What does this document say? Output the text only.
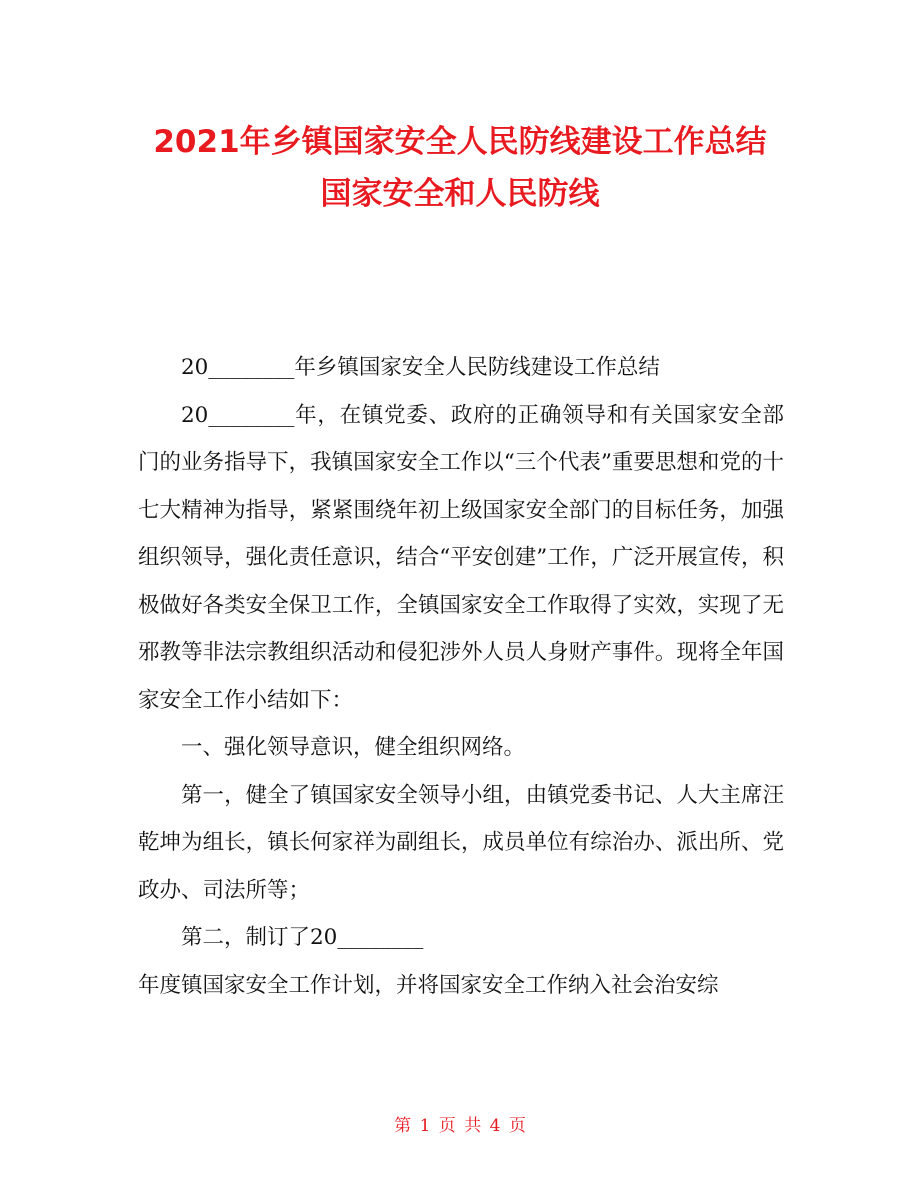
2021年乡镇国家安全人民防线建设工作总结
国家安全和人民防线

20________年乡镇国家安全人民防线建设工作总结

20________年，在镇党委、政府的正确领导和有关国家安全部门的业务指导下，我镇国家安全工作以“三个代表”重要思想和党的十七大精神为指导，紧紧围绕年初上级国家安全部门的目标任务，加强组织领导，强化责任意识，结合“平安创建”工作，广泛开展宣传，积极做好各类安全保卫工作，全镇国家安全工作取得了实效，实现了无邪教等非法宗教组织活动和侵犯涉外人员人身财产事件。现将全年国家安全工作小结如下：

一、强化领导意识，健全组织网络。

第一，健全了镇国家安全领导小组，由镇党委书记、人大主席汪乾坤为组长，镇长何家祥为副组长，成员单位有综治办、派出所、党政办、司法所等；

第二，制订了20________

年度镇国家安全工作计划，并将国家安全工作纳入社会治安综

第 1 页 共 4 页
